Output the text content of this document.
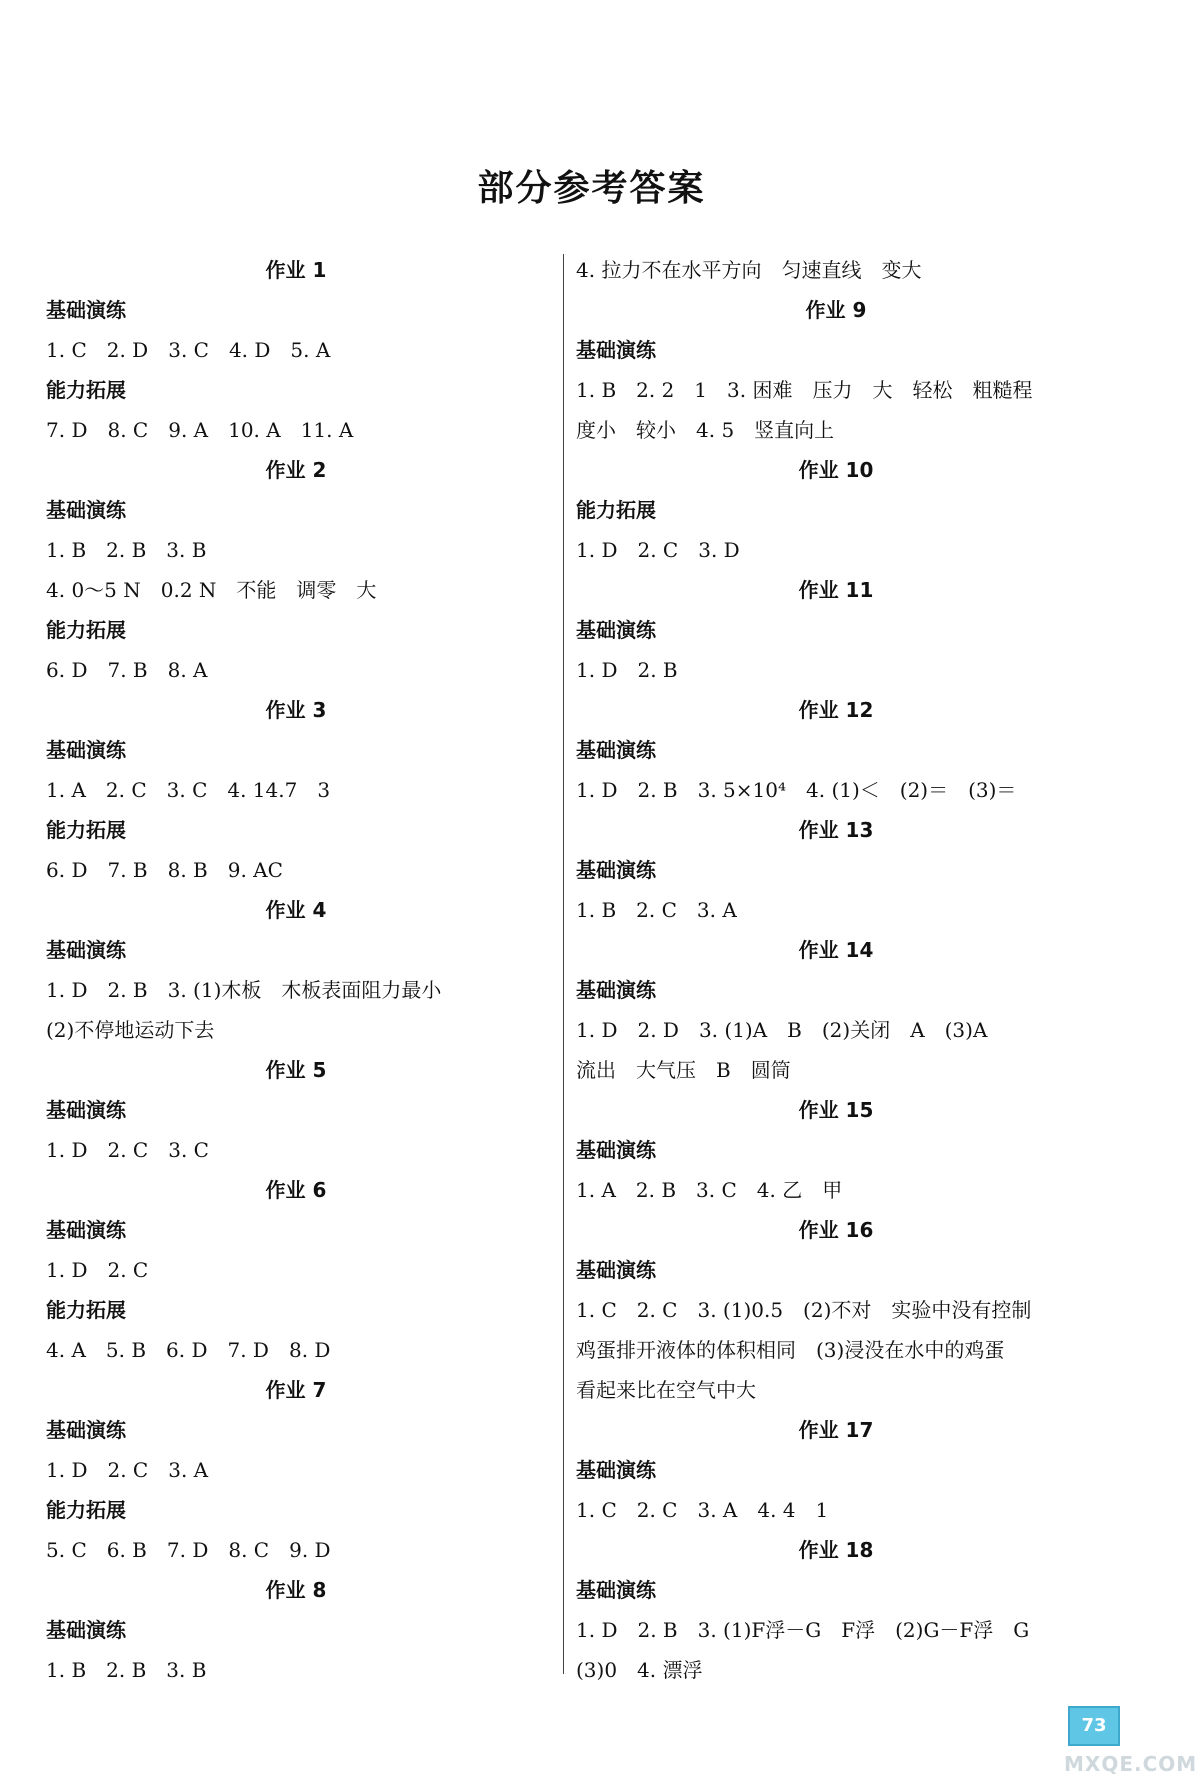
部分参考答案
作业 1
基础演练
1. C　2. D　3. C　4. D　5. A
能力拓展
7. D　8. C　9. A　10. A　11. A
作业 2
基础演练
1. B　2. B　3. B
4. 0～5 N　0.2 N　不能　调零　大
能力拓展
6. D　7. B　8. A
作业 3
基础演练
1. A　2. C　3. C　4. 14.7　3
能力拓展
6. D　7. B　8. B　9. AC
作业 4
基础演练
1. D　2. B　3. (1)木板　木板表面阻力最小
(2)不停地运动下去
作业 5
基础演练
1. D　2. C　3. C
作业 6
基础演练
1. D　2. C
能力拓展
4. A　5. B　6. D　7. D　8. D
作业 7
基础演练
1. D　2. C　3. A
能力拓展
5. C　6. B　7. D　8. C　9. D
作业 8
基础演练
1. B　2. B　3. B
4. 拉力不在水平方向　匀速直线　变大
作业 9
基础演练
1. B　2. 2　1　3. 困难　压力　大　轻松　粗糙程
度小　较小　4. 5　竖直向上
作业 10
能力拓展
1. D　2. C　3. D
作业 11
基础演练
1. D　2. B
作业 12
基础演练
1. D　2. B　3. 5×10⁴　4. (1)＜　(2)＝　(3)＝
作业 13
基础演练
1. B　2. C　3. A
作业 14
基础演练
1. D　2. D　3. (1)A　B　(2)关闭　A　(3)A
流出　大气压　B　圆筒
作业 15
基础演练
1. A　2. B　3. C　4. 乙　甲
作业 16
基础演练
1. C　2. C　3. (1)0.5　(2)不对　实验中没有控制
鸡蛋排开液体的体积相同　(3)浸没在水中的鸡蛋
看起来比在空气中大
作业 17
基础演练
1. C　2. C　3. A　4. 4　1
作业 18
基础演练
1. D　2. B　3. (1)F浮－G　F浮　(2)G－F浮　G
(3)0　4. 漂浮
73
MXQE.COM
